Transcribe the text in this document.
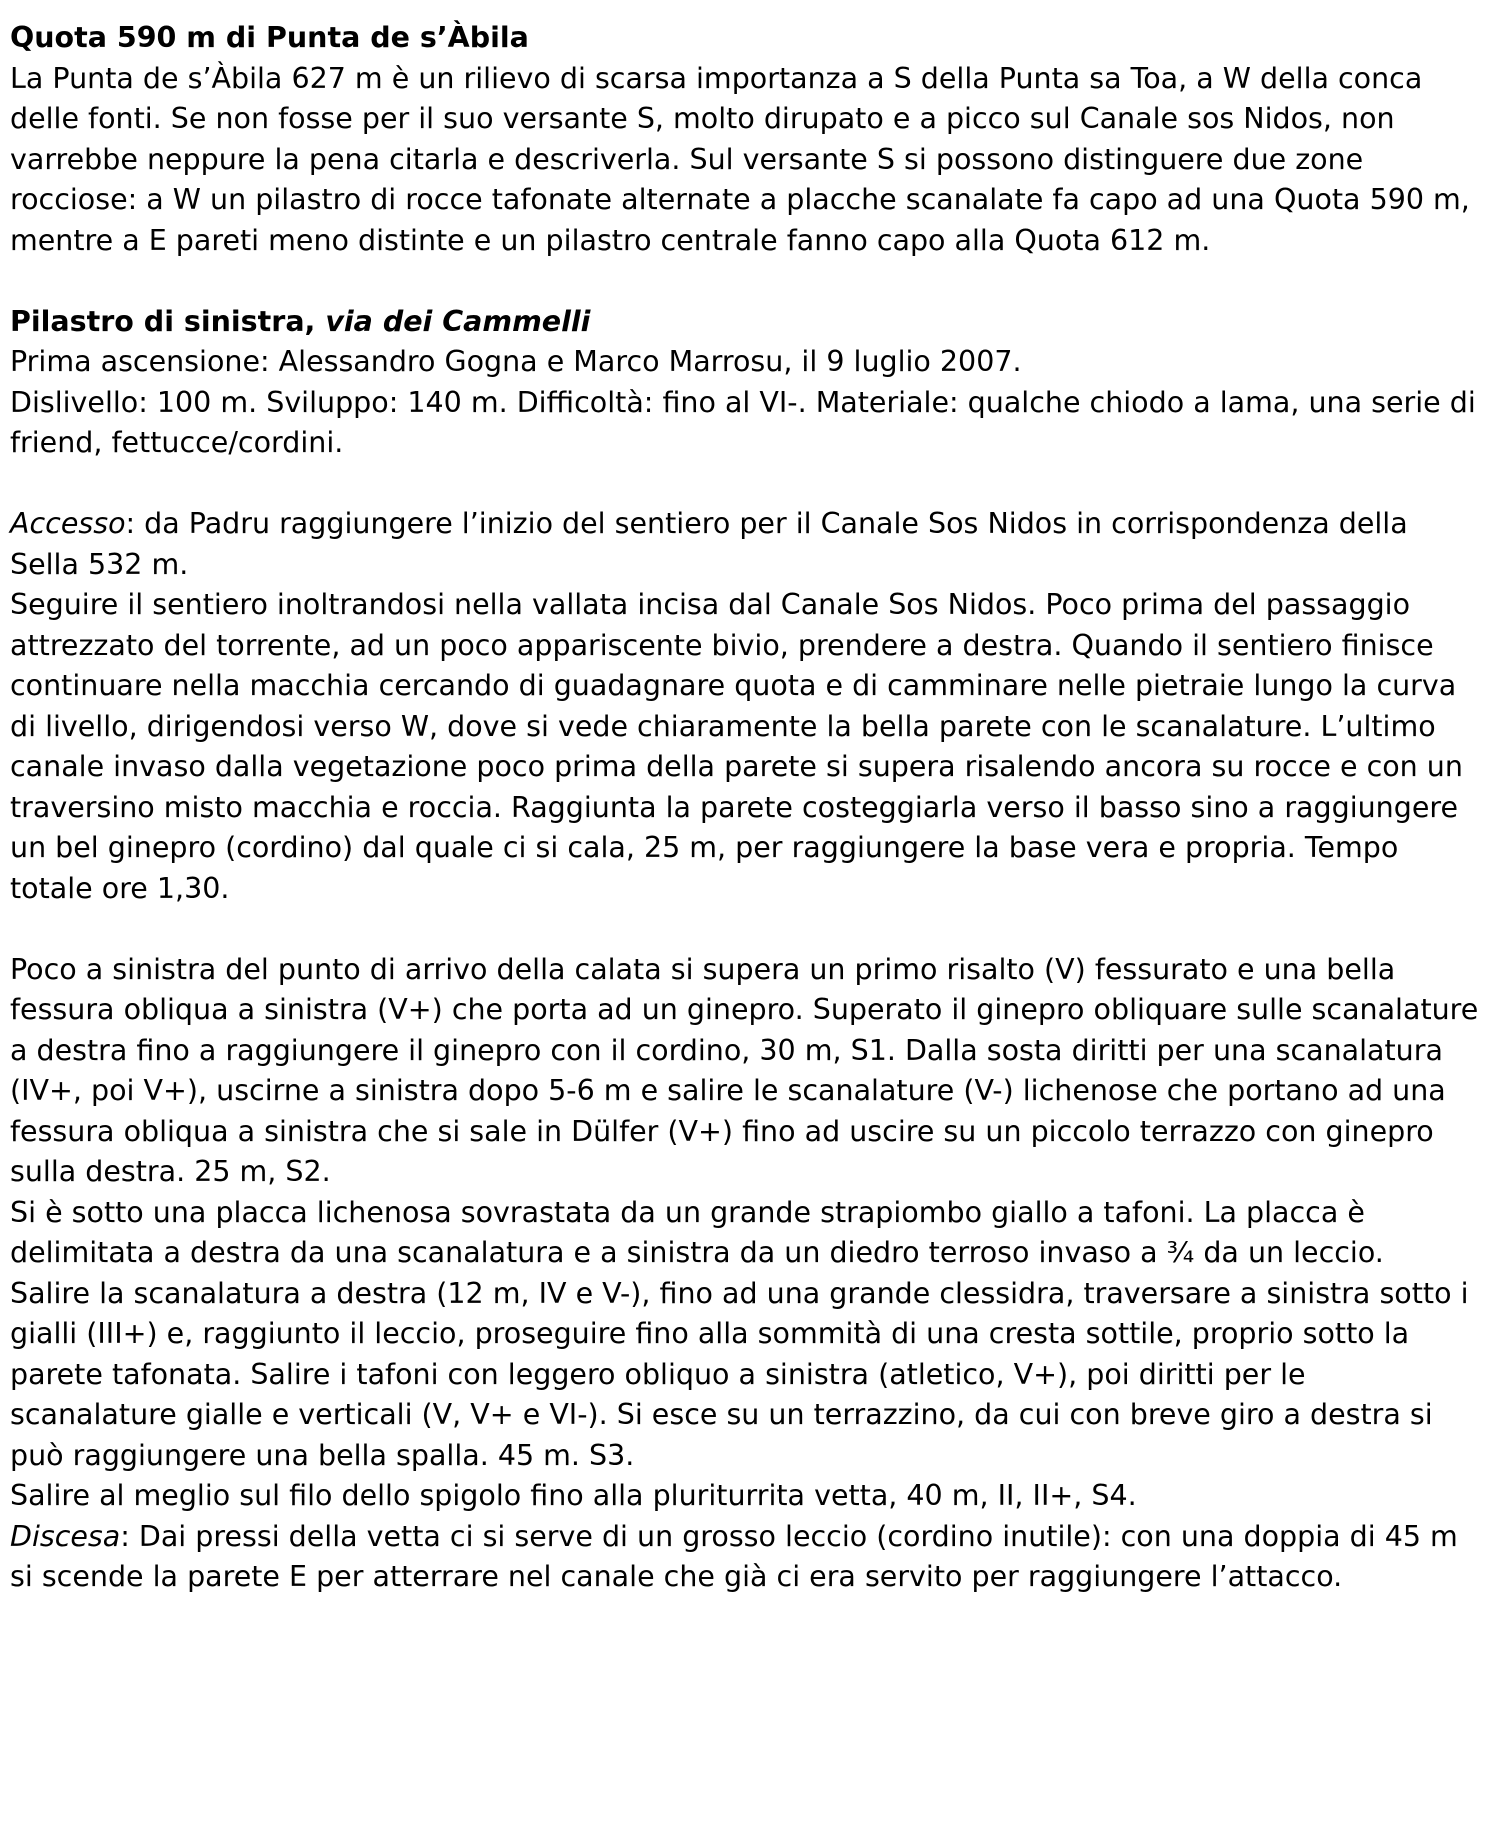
Quota 590 m di Punta de s’Àbila

La Punta de s’Àbila 627 m è un rilievo di scarsa importanza a S della Punta sa Toa, a W della conca delle fonti. Se non fosse per il suo versante S, molto dirupato e a picco sul Canale sos Nidos, non varrebbe neppure la pena citarla e descriverla. Sul versante S si possono distinguere due zone rocciose: a W un pilastro di rocce tafonate alternate a placche scanalate fa capo ad una Quota 590 m, mentre a E pareti meno distinte e un pilastro centrale fanno capo alla Quota 612 m.

Pilastro di sinistra, via dei Cammelli

Prima ascensione: Alessandro Gogna e Marco Marrosu, il 9 luglio 2007.

Dislivello: 100 m. Sviluppo: 140 m. Difficoltà: fino al VI-. Materiale: qualche chiodo a lama, una serie di friend, fettucce/cordini.

Accesso: da Padru raggiungere l’inizio del sentiero per il Canale Sos Nidos in corrispondenza della Sella 532 m.

Seguire il sentiero inoltrandosi nella vallata incisa dal Canale Sos Nidos. Poco prima del passaggio attrezzato del torrente, ad un poco appariscente bivio, prendere a destra. Quando il sentiero finisce continuare nella macchia cercando di guadagnare quota e di camminare nelle pietraie lungo la curva di livello, dirigendosi verso W, dove si vede chiaramente la bella parete con le scanalature. L’ultimo canale invaso dalla vegetazione poco prima della parete si supera risalendo ancora su rocce e con un traversino misto macchia e roccia. Raggiunta la parete costeggiarla verso il basso sino a raggiungere un bel ginepro (cordino) dal quale ci si cala, 25 m, per raggiungere la base vera e propria. Tempo totale ore 1,30.

Poco a sinistra del punto di arrivo della calata si supera un primo risalto (V) fessurato e una bella fessura obliqua a sinistra (V+) che porta ad un ginepro. Superato il ginepro obliquare sulle scanalature a destra fino a raggiungere il ginepro con il cordino, 30 m, S1. Dalla sosta diritti per una scanalatura (IV+, poi V+), uscirne a sinistra dopo 5-6 m e salire le scanalature (V-) lichenose che portano ad una fessura obliqua a sinistra che si sale in Dülfer (V+) fino ad uscire su un piccolo terrazzo con ginepro sulla destra. 25 m, S2.

Si è sotto una placca lichenosa sovrastata da un grande strapiombo giallo a tafoni. La placca è delimitata a destra da una scanalatura e a sinistra da un diedro terroso invaso a ¾ da un leccio.

Salire la scanalatura a destra (12 m, IV e V-), fino ad una grande clessidra, traversare a sinistra sotto i gialli (III+) e, raggiunto il leccio, proseguire fino alla sommità di una cresta sottile, proprio sotto la parete tafonata. Salire i tafoni con leggero obliquo a sinistra (atletico, V+), poi diritti per le scanalature gialle e verticali (V, V+ e VI-). Si esce su un terrazzino, da cui con breve giro a destra si può raggiungere una bella spalla. 45 m. S3.

Salire al meglio sul filo dello spigolo fino alla pluriturrita vetta, 40 m, II, II+, S4.

Discesa: Dai pressi della vetta ci si serve di un grosso leccio (cordino inutile): con una doppia di 45 m si scende la parete E per atterrare nel canale che già ci era servito per raggiungere l’attacco.
